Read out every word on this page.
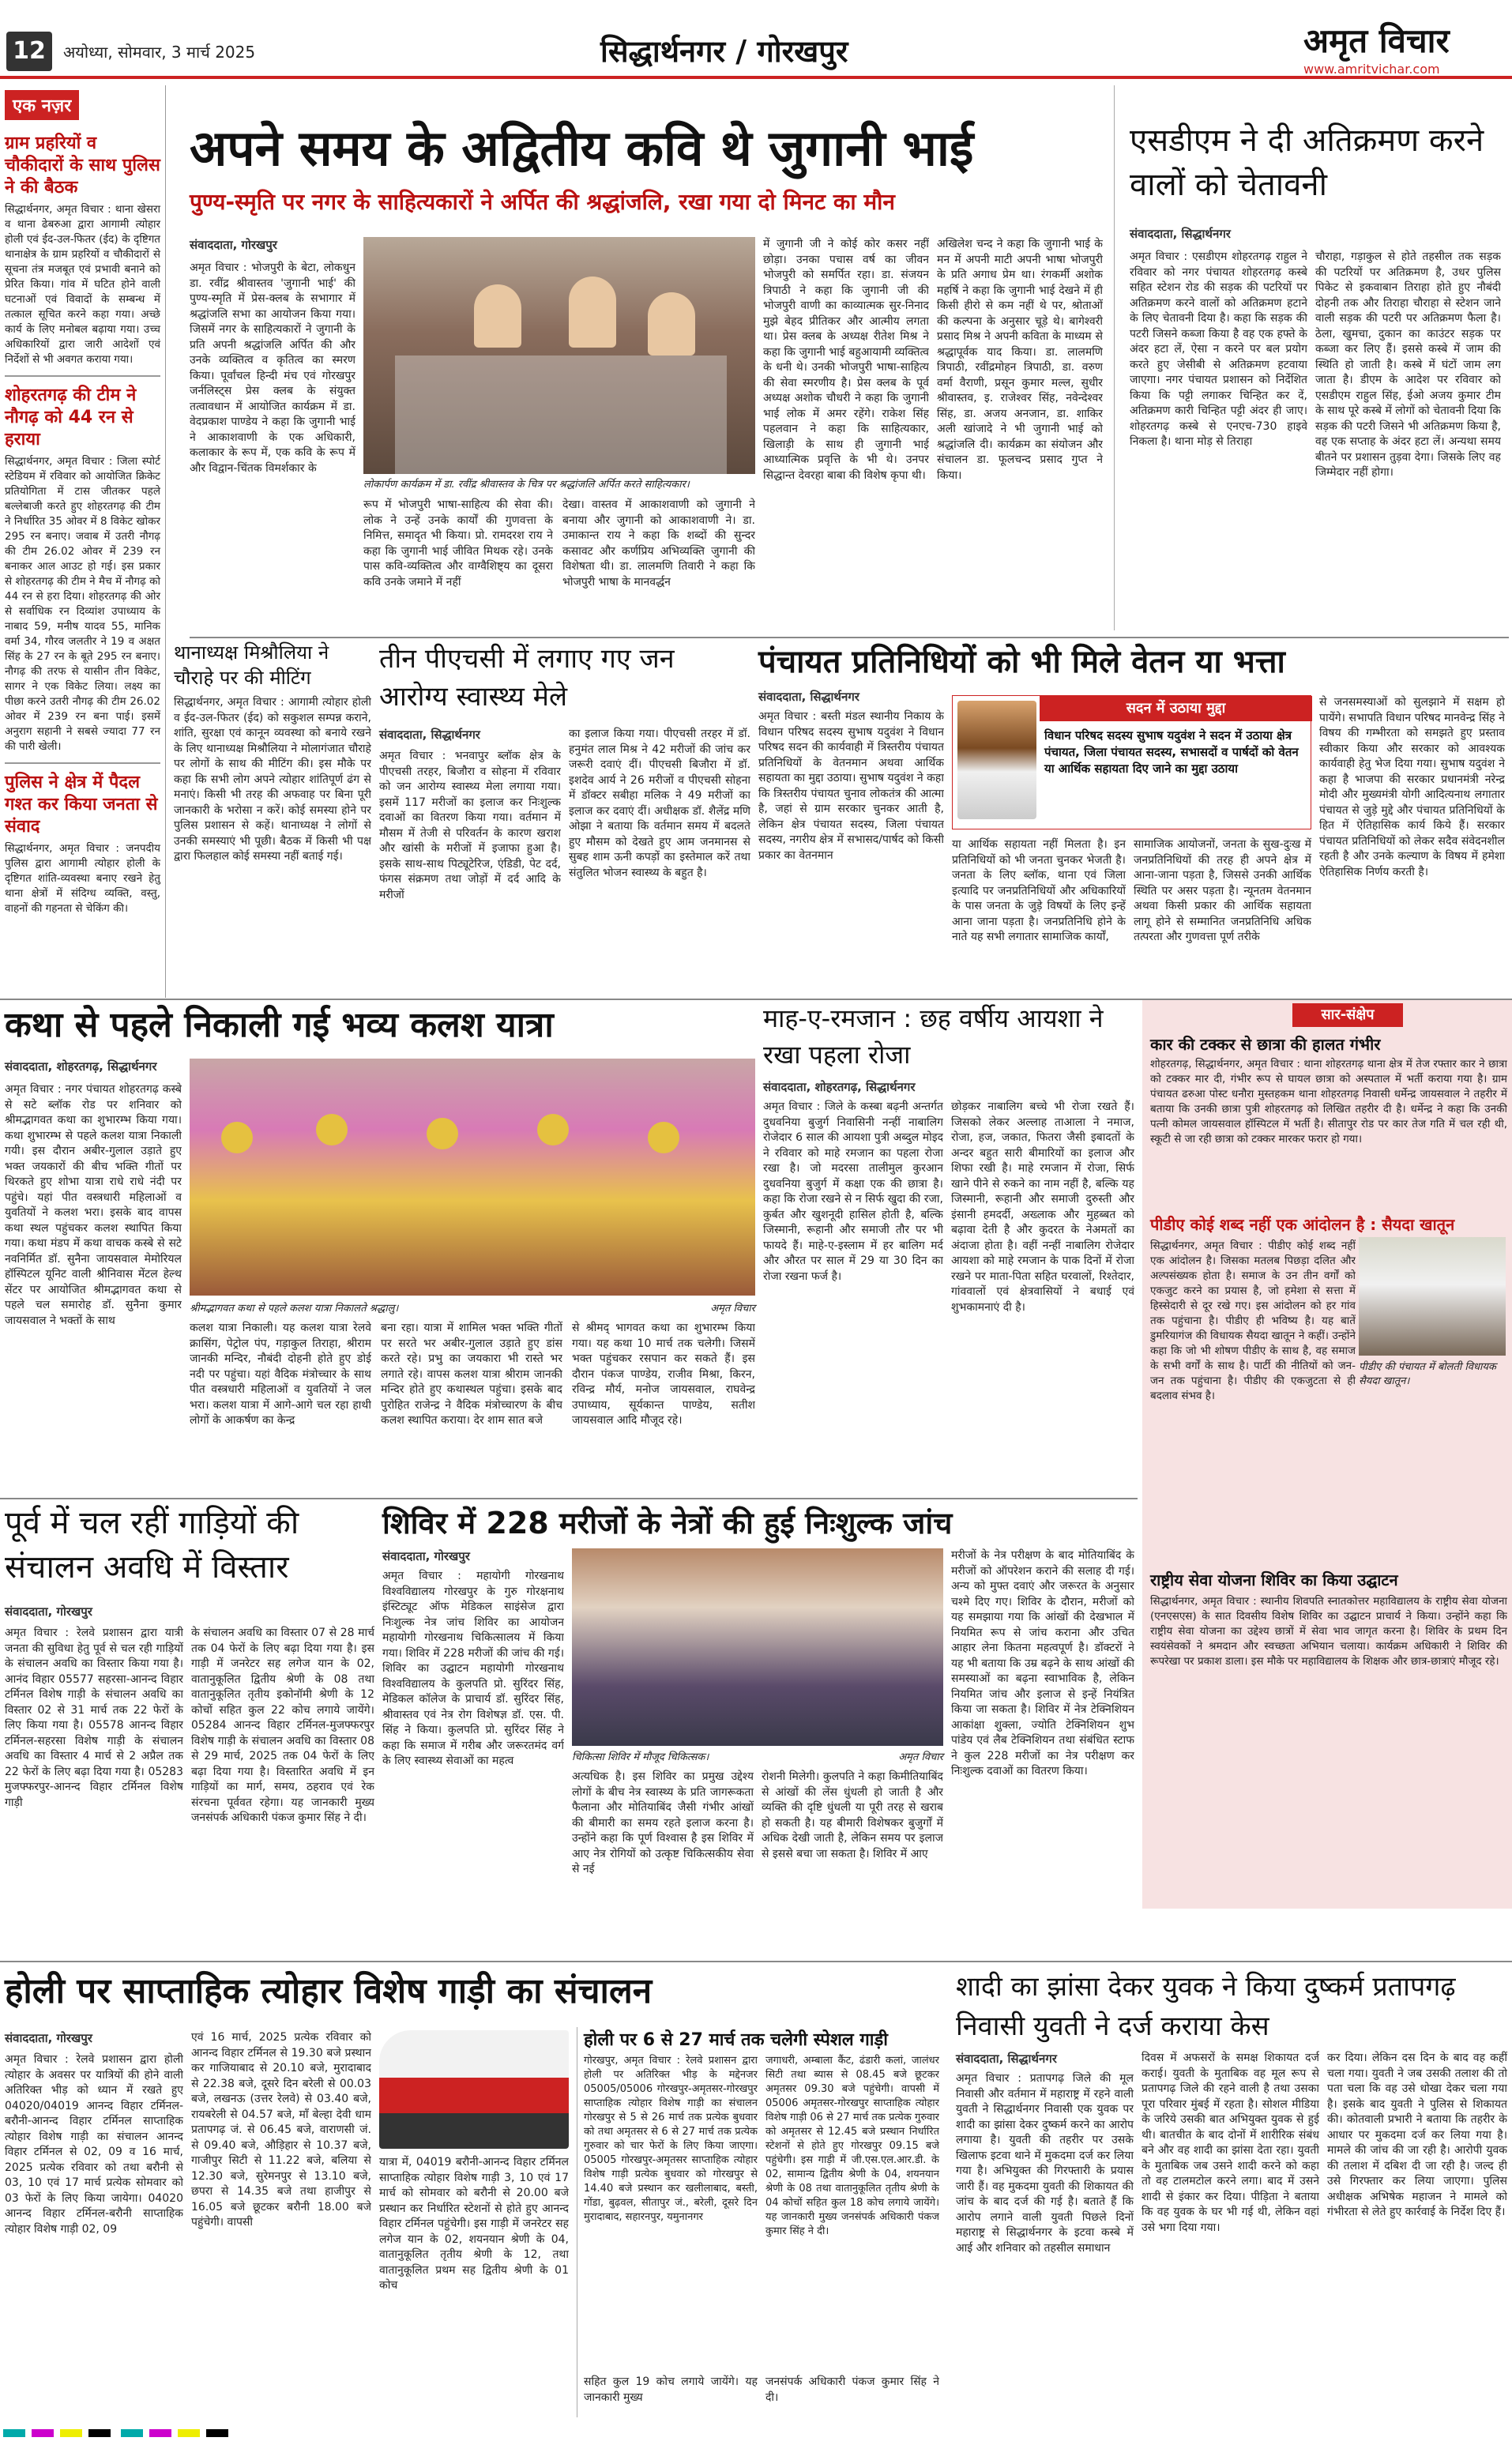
12	अयोध्या, सोमवार, 3 मार्च 2025	सिद्धार्थनगर / गोरखपुर	अमृत विचार
www.amritvichar.com
एक नज़र
ग्राम प्रहरियों व चौकीदारों के साथ पुलिस ने की बैठक
सिद्धार्थनगर, अमृत विचार : थाना खेसरा व थाना ढेबरुआ द्वारा आगामी त्योहार होली एवं ईद-उल-फितर (ईद) के दृष्टिगत थानाक्षेत्र के ग्राम प्रहरियों व चौकीदारों से सूचना तंत्र मजबूत एवं प्रभावी बनाने को प्रेरित किया। गांव में घटित होने वाली घटनाओं एवं विवादों के सम्बन्ध में तत्काल सूचित करने कहा गया। अच्छे कार्य के लिए मनोबल बढ़ाया गया। उच्च अधिकारियों द्वारा जारी आदेशों एवं निर्देशों से भी अवगत कराया गया।
शोहरतगढ़ की टीम ने नौगढ़ को 44 रन से हराया
सिद्धार्थनगर, अमृत विचार : जिला स्पोर्ट स्टेडियम में रविवार को आयोजित क्रिकेट प्रतियोगिता में टास जीतकर पहले बल्लेबाजी करते हुए शोहरतगढ़ की टीम ने निर्धारित 35 ओवर में 8 विकेट खोकर 295 रन बनाए। जवाब में उतरी नौगढ़ की टीम 26.02 ओवर में 239 रन बनाकर आल आउट हो गई। इस प्रकार से शोहरतगढ़ की टीम ने मैच में नौगढ़ को 44 रन से हरा दिया। शोहरतगढ़ की ओर से सर्वाधिक रन दिव्यांश उपाध्याय के नाबाद 59, मनीष यादव 55, मानिक वर्मा 34, गौरव जलतीर ने 19 व अक्षत सिंह के 27 रन के बूते 295 रन बनाए। नौगढ़ की तरफ से यासीन तीन विकेट, सागर ने एक विकेट लिया। लक्ष्य का पीछा करने उतरी नौगढ़ की टीम 26.02 ओवर में 239 रन बना पाई। इसमें अनुराग सहानी ने सबसे ज्यादा 77 रन की पारी खेली।
पुलिस ने क्षेत्र में पैदल गश्त कर किया जनता से संवाद
सिद्धार्थनगर, अमृत विचार : जनपदीय पुलिस द्वारा आगामी त्योहार होली के दृष्टिगत शांति-व्यवस्था बनाए रखने हेतु थाना क्षेत्रों में संदिग्ध व्यक्ति, वस्तु, वाहनों की गहनता से चेकिंग की।
अपने समय के अद्वितीय कवि थे जुगानी भाई
पुण्य-स्मृति पर नगर के साहित्यकारों ने अर्पित की श्रद्धांजलि, रखा गया दो मिनट का मौन
संवाददाता, गोरखपुर
अमृत विचार : भोजपुरी के बेटा, लोकधुन डा. रवींद्र श्रीवास्तव 'जुगानी भाई' की पुण्य-स्मृति में प्रेस-क्लब के सभागार में श्रद्धांजलि सभा का आयोजन किया गया। जिसमें नगर के साहित्यकारों ने जुगानी के प्रति अपनी श्रद्धांजलि अर्पित की और उनके व्यक्तित्व व कृतित्व का स्मरण किया। पूर्वांचल हिन्दी मंच एवं गोरखपुर जर्नलिस्ट्स प्रेस क्लब के संयुक्त तत्वावधान में आयोजित कार्यक्रम में डा. वेदप्रकाश पाण्डेय ने कहा कि जुगानी भाई ने आकाशवाणी के एक अधिकारी, कलाकार के रूप में, एक कवि के रूप में और विद्वान-चिंतक विमर्शकार के
लोकार्पण कार्यक्रम में डा. रवींद्र श्रीवास्तव के चित्र पर श्रद्धांजलि अर्पित करते साहित्यकार।
रूप में भोजपुरी भाषा-साहित्य की सेवा की। लोक ने उन्हें उनके कार्यों की गुणवत्ता के निमित्त, समादृत भी किया। प्रो. रामदरश राय ने कहा कि जुगानी भाई जीवित मिथक रहे। उनके पास कवि-व्यक्तित्व और वाग्वैशिष्ट्य का दूसरा कवि उनके जमाने में नहीं
देखा। वास्तव में आकाशवाणी को जुगानी ने बनाया और जुगानी को आकाशवाणी ने। डा. उमाकान्त राय ने कहा कि शब्दों की सुन्दर कसावट और कर्णप्रिय अभिव्यक्ति जुगानी की विशेषता थी। डा. लालमणि तिवारी ने कहा कि भोजपुरी भाषा के मानवर्द्धन
में जुगानी जी ने कोई कोर कसर नहीं छोड़ा। उनका पचास वर्ष का जीवन भोजपुरी को समर्पित रहा। डा. संजयन त्रिपाठी ने कहा कि जुगानी जी की भोजपुरी वाणी का काव्यात्मक सुर-निनाद मुझे बेहद प्रीतिकर और आत्मीय लगता था। प्रेस क्लब के अध्यक्ष रीतेश मिश्र ने कहा कि जुगानी भाई बहुआयामी व्यक्तित्व के धनी थे। उनकी भोजपुरी भाषा-साहित्य की सेवा स्मरणीय है। प्रेस क्लब के पूर्व अध्यक्ष अशोक चौधरी ने कहा कि जुगानी भाई लोक में अमर रहेंगे। राकेश सिंह पहलवान ने कहा कि साहित्यकार, खिलाड़ी के साथ ही जुगानी भाई आध्यात्मिक प्रवृत्ति के भी थे। उनपर सिद्धान्त देवरहा बाबा की विशेष कृपा थी।
अखिलेश चन्द ने कहा कि जुगानी भाई के मन में अपनी माटी अपनी भाषा भोजपुरी के प्रति अगाध प्रेम था। रंगकर्मी अशोक महर्षि ने कहा कि जुगानी भाई देखने में ही किसी हीरो से कम नहीं थे पर, श्रोताओं की कल्पना के अनुसार चूड़े थे। बागेश्वरी प्रसाद मिश्र ने अपनी कविता के माध्यम से श्रद्धापूर्वक याद किया। डा. लालमणि त्रिपाठी, रवींद्रमोहन त्रिपाठी, डा. वरुण वर्मा वैराणी, प्रसून कुमार मल्ल, सुधीर श्रीवास्तव, इ. राजेश्वर सिंह, नवेन्देश्वर सिंह, डा. अजय अनजान, डा. शाकिर अली खांजादे ने भी जुगानी भाई को श्रद्धांजलि दी। कार्यक्रम का संयोजन और संचालन डा. फूलचन्द प्रसाद गुप्त ने किया।
एसडीएम ने दी अतिक्रमण करने वालों को चेतावनी
संवाददाता, सिद्धार्थनगर
अमृत विचार : एसडीएम शोहरतगढ़ राहुल ने रविवार को नगर पंचायत शोहरतगढ़ कस्बे सहित स्टेशन रोड की सड़क की पटरियों पर अतिक्रमण करने वालों को अतिक्रमण हटाने के लिए चेतावनी दिया है। कहा कि सड़क की पटरी जिसने कब्जा किया है वह एक हफ्ते के अंदर हटा लें, ऐसा न करने पर बल प्रयोग करते हुए जेसीबी से अतिक्रमण हटवाया जाएगा। नगर पंचायत प्रशासन को निर्देशित किया कि पट्टी लगाकर चिन्हित कर दें, अतिक्रमण कारी चिन्हित पट्टी अंदर ही जाए। शोहरतगढ़ कस्बे से एनएच-730 हाइवे निकला है। थाना मोड़ से तिराहा
चौराहा, गड़ाकुल से होते तहसील तक सड़क की पटरियों पर अतिक्रमण है, उधर पुलिस पिकेट से इकवाबान तिराहा होते हुए नौबंदी दोहनी तक और तिराहा चौराहा से स्टेशन जाने वाली सड़क की पटरी पर अतिक्रमण फैला है। ठेला, खुमचा, दुकान का काउंटर सड़क पर कब्जा कर लिए हैं। इससे कस्बे में जाम की स्थिति हो जाती है। कस्बे में घंटों जाम लग जाता है। डीएम के आदेश पर रविवार को एसडीएम राहुल सिंह, ईओ अजय कुमार टीम के साथ पूरे कस्बे में लोगों को चेतावनी दिया कि सड़क की पटरी जिसने भी अतिक्रमण किया है, वह एक सप्ताह के अंदर हटा लें। अन्यथा समय बीतने पर प्रशासन तुड़वा देगा। जिसके लिए वह जिम्मेदार नहीं होगा।
थानाध्यक्ष मिश्रौलिया ने चौराहे पर की मीटिंग
सिद्धार्थनगर, अमृत विचार : आगामी त्योहार होली व ईद-उल-फितर (ईद) को सकुशल सम्पन्न कराने, शांति, सुरक्षा एवं कानून व्यवस्था को बनाये रखने के लिए थानाध्यक्ष मिश्रौलिया ने मोलागंजात चौराहे पर लोगों के साथ की मीटिंग की। इस मौके पर कहा कि सभी लोग अपने त्योहार शांतिपूर्ण ढंग से मनाएं। किसी भी तरह की अफवाह पर बिना पूरी जानकारी के भरोसा न करें। कोई समस्या होने पर पुलिस प्रशासन से कहें। थानाध्यक्ष ने लोगों से उनकी समस्याएं भी पूछी। बैठक में किसी भी पक्ष द्वारा फिलहाल कोई समस्या नहीं बताई गई।
तीन पीएचसी में लगाए गए जन आरोग्य स्वास्थ्य मेले
संवाददाता, सिद्धार्थनगर
अमृत विचार : भनवापुर ब्लॉक क्षेत्र के पीएचसी तरहर, बिजौरा व सोहना में रविवार को जन आरोग्य स्वास्थ्य मेला लगाया गया। इसमें 117 मरीजों का इलाज कर निःशुल्क दवाओं का वितरण किया गया। वर्तमान में मौसम में तेजी से परिवर्तन के कारण खराश और खांसी के मरीजों में इजाफा हुआ है। इसके साथ-साथ पिट्यूटेरिज, एंडिडी, पेट दर्द, फंगस संक्रमण तथा जोड़ों में दर्द आदि के मरीजों
का इलाज किया गया। पीएचसी तरहर में डॉ. हनुमंत लाल मिश्र ने 42 मरीजों की जांच कर जरूरी दवाएं दीं। पीएचसी बिजौरा में डॉ. इशदेव आर्य ने 26 मरीजों व पीएचसी सोहना में डॉक्टर सबीहा मलिक ने 49 मरीजों का इलाज कर दवाएं दीं। अधीक्षक डॉ. शैलेंद्र मणि ओझा ने बताया कि वर्तमान समय में बदलते हुए मौसम को देखते हुए आम जनमानस से सुबह शाम ऊनी कपड़ों का इस्तेमाल करें तथा संतुलित भोजन स्वास्थ्य के बहुत है।
पंचायत प्रतिनिधियों को भी मिले वेतन या भत्ता
संवाददाता, सिद्धार्थनगर
अमृत विचार : बस्ती मंडल स्थानीय निकाय के विधान परिषद सदस्य सुभाष यदुवंश ने विधान परिषद सदन की कार्यवाही में त्रिस्तरीय पंचायत प्रतिनिधियों के वेतनमान अथवा आर्थिक सहायता का मुद्दा उठाया। सुभाष यदुवंश ने कहा कि त्रिस्तरीय पंचायत चुनाव लोकतंत्र की आत्मा है, जहां से ग्राम सरकार चुनकर आती है, लेकिन क्षेत्र पंचायत सदस्य, जिला पंचायत सदस्य, नगरीय क्षेत्र में सभासद/पार्षद को किसी प्रकार का वेतनमान
सदन में उठाया मुद्दा
विधान परिषद सदस्य सुभाष यदुवंश ने सदन में उठाया क्षेत्र पंचायत, जिला पंचायत सदस्य, सभासदों व पार्षदों को वेतन या आर्थिक सहायता दिए जाने का मुद्दा उठाया
या आर्थिक सहायता नहीं मिलता है। इन प्रतिनिधियों को भी जनता चुनकर भेजती है। जनता के लिए ब्लॉक, थाना एवं जिला इत्यादि पर जनप्रतिनिधियों और अधिकारियों के पास जनता के जुड़े विषयों के लिए इन्हें आना जाना पड़ता है। जनप्रतिनिधि होने के नाते यह सभी लगातार सामाजिक कार्यों,
सामाजिक आयोजनों, जनता के सुख-दुःख में जनप्रतिनिधियों की तरह ही अपने क्षेत्र में आना-जाना पड़ता है, जिससे उनकी आर्थिक स्थिति पर असर पड़ता है। न्यूनतम वेतनमान अथवा किसी प्रकार की आर्थिक सहायता लागू होने से सम्मानित जनप्रतिनिधि अधिक तत्परता और गुणवत्ता पूर्ण तरीके
से जनसमस्याओं को सुलझाने में सक्षम हो पायेंगे। सभापति विधान परिषद मानवेन्द्र सिंह ने विषय की गम्भीरता को समझते हुए प्रस्ताव स्वीकार किया और सरकार को आवश्यक कार्यवाही हेतु भेज दिया गया। सुभाष यदुवंश ने कहा है भाजपा की सरकार प्रधानमंत्री नरेन्द्र मोदी और मुख्यमंत्री योगी आदित्यनाथ लगातार पंचायत से जुड़े मुद्दे और पंचायत प्रतिनिधियों के हित में ऐतिहासिक कार्य किये हैं। सरकार पंचायत प्रतिनिधियों को लेकर सदैव संवेदनशील रहती है और उनके कल्याण के विषय में हमेशा ऐतिहासिक निर्णय करती है।
कथा से पहले निकाली गई भव्य कलश यात्रा
संवाददाता, शोहरतगढ़, सिद्धार्थनगर
अमृत विचार : नगर पंचायत शोहरतगढ़ कस्बे से सटे ब्लॉक रोड पर शनिवार को श्रीमद्भागवत कथा का शुभारम्भ किया गया। कथा शुभारम्भ से पहले कलश यात्रा निकाली गयी। इस दौरान अबीर-गुलाल उड़ाते हुए भक्त जयकारों की बीच भक्ति गीतों पर थिरकते हुए शोभा यात्रा राधे राधे नंदी पर पहुंचे। यहां पीत वस्त्रधारी महिलाओं व युवतियों ने कलश भरा। इसके बाद वापस कथा स्थल पहुंचकर कलश स्थापित किया गया। कथा मंडप में कथा वाचक कस्बे से सटे नवनिर्मित डॉ. सुनैना जायसवाल मेमोरियल हॉस्पिटल यूनिट वाली श्रीनिवास मेंटल हेल्थ सेंटर पर आयोजित श्रीमद्भागवत कथा से पहले चल समारोह डॉ. सुनैना कुमार जायसवाल ने भक्तों के साथ
श्रीमद्भागवत कथा से पहले कलश यात्रा निकालते श्रद्धालु।	अमृत विचार
कलश यात्रा निकाली। यह कलश यात्रा रेलवे क्रासिंग, पेट्रोल पंप, गड़ाकुल तिराहा, श्रीराम जानकी मन्दिर, नौबंदी दोहनी होते हुए डोई नदी पर पहुंचा। यहां वैदिक मंत्रोच्चार के साथ पीत वस्त्रधारी महिलाओं व युवतियों ने जल भरा। कलश यात्रा में आगे-आगे चल रहा हाथी लोगों के आकर्षण का केन्द्र
बना रहा। यात्रा में शामिल भक्त भक्ति गीतों पर सरते भर अबीर-गुलाल उड़ाते हुए डांस करते रहे। प्रभु का जयकारा भी रास्ते भर लगाते रहे। वापस कलश यात्रा श्रीराम जानकी मन्दिर होते हुए कथास्थल पहुंचा। इसके बाद पुरोहित राजेन्द्र ने वैदिक मंत्रोच्चारण के बीच कलश स्थापित कराया। देर शाम सात बजे
से श्रीमद् भागवत कथा का शुभारम्भ किया गया। यह कथा 10 मार्च तक चलेगी। जिसमें भक्त पहुंचकर रसपान कर सकते हैं। इस दौरान पंकज पाण्डेय, राजीव मिश्रा, किरन, रविन्द्र मौर्य, मनोज जायसवाल, राघवेन्द्र उपाध्याय, सूर्यकान्त पाण्डेय, सतीश जायसवाल आदि मौजूद रहे।
माह-ए-रमजान : छह वर्षीय आयशा ने रखा पहला रोजा
संवाददाता, शोहरतगढ़, सिद्धार्थनगर
अमृत विचार : जिले के कस्बा बढ़नी अन्तर्गत दुधवनिया बुजुर्ग निवासिनी नन्हीं नाबालिग रोजेदार 6 साल की आयशा पुत्री अब्दुल मोइद ने रविवार को माहे रमजान का पहला रोजा रखा है। जो मदरसा तालीमुल कुरआन दुधवनिया बुजुर्ग में कक्षा एक की छात्रा है। कहा कि रोजा रखने से न सिर्फ खुदा की रजा, कुर्बत और खुशनूदी हासिल होती है, बल्कि जिस्मानी, रूहानी और समाजी तौर पर भी फायदे हैं। माहे-ए-इस्लाम में हर बालिग मर्द और औरत पर साल में 29 या 30 दिन का रोजा रखना फर्ज है।
छोड़कर नाबालिग बच्चे भी रोजा रखते हैं। जिसको लेकर अल्लाह ताआला ने नमाज, रोजा, हज, जकात, फितरा जैसी इबादतों के अन्दर बहुत सारी बीमारियों का इलाज और शिफा रखी है। माहे रमजान में रोजा, सिर्फ खाने पीने से रुकने का नाम नहीं है, बल्कि यह जिस्मानी, रूहानी और समाजी दुरुस्ती और इंसानी हमदर्दी, अख्लाक और मुहब्बत को बढ़ावा देती है और कुदरत के नेअमतों का अंदाजा होता है। वहीं नन्हीं नाबालिग रोजेदार आयशा को माहे रमजान के पाक दिनों में रोजा रखने पर माता-पिता सहित घरवालों, रिश्तेदार, गांववालों एवं क्षेत्रवासियों ने बधाई एवं शुभकामनाएं दी है।
सार-संक्षेप
कार की टक्कर से छात्रा की हालत गंभीर
शोहरतगढ़, सिद्धार्थनगर, अमृत विचार : थाना शोहरतगढ़ थाना क्षेत्र में तेज रफ्तार कार ने छात्रा को टक्कर मार दी, गंभीर रूप से घायल छात्रा को अस्पताल में भर्ती कराया गया है। ग्राम पंचायत ढरुआ पोस्ट धनौरा मुस्तहकम थाना शोहरतगढ़ निवासी धर्मेन्द्र जायसवाल ने तहरीर में बताया कि उनकी छात्रा पुत्री शोहरतगढ़ को लिखित तहरीर दी है। धर्मेन्द्र ने कहा कि उनकी पत्नी कोमल जायसवाल हॉस्पिटल में भर्ती है। सीतापुर रोड पर कार तेज गति में चल रही थी, स्कूटी से जा रही छात्रा को टक्कर मारकर फरार हो गया।
पीडीए कोई शब्द नहीं एक आंदोलन है : सैयदा खातून
सिद्धार्थनगर, अमृत विचार : पीडीए कोई शब्द नहीं एक आंदोलन है। जिसका मतलब पिछड़ा दलित और अल्पसंख्यक होता है। समाज के उन तीन वर्गों को एकजुट करने का प्रयास है, जो हमेशा से सत्ता में हिस्सेदारी से दूर रखे गए। इस आंदोलन को हर गांव तक पहुंचाना है। पीडीए ही भविष्य है। यह बातें डुमरियागंज की विधायक सैयदा खातून ने कहीं। उन्होंने कहा कि जो भी शोषण पीडीए के साथ है, वह समाज के सभी वर्गों के साथ है। पार्टी की नीतियों को जन-जन तक पहुंचाना है। पीडीए की एकजुटता से ही बदलाव संभव है।
पीडीए की पंचायत में बोलती विधायक सैयदा खातून।
राष्ट्रीय सेवा योजना शिविर का किया उद्घाटन
सिद्धार्थनगर, अमृत विचार : स्थानीय शिवपति स्नातकोत्तर महाविद्यालय के राष्ट्रीय सेवा योजना (एनएसएस) के सात दिवसीय विशेष शिविर का उद्घाटन प्राचार्य ने किया। उन्होंने कहा कि राष्ट्रीय सेवा योजना का उद्देश्य छात्रों में सेवा भाव जागृत करना है। शिविर के प्रथम दिन स्वयंसेवकों ने श्रमदान और स्वच्छता अभियान चलाया। कार्यक्रम अधिकारी ने शिविर की रूपरेखा पर प्रकाश डाला। इस मौके पर महाविद्यालय के शिक्षक और छात्र-छात्राएं मौजूद रहे।
पूर्व में चल रहीं गाड़ियों की संचालन अवधि में विस्तार
संवाददाता, गोरखपुर
अमृत विचार : रेलवे प्रशासन द्वारा यात्री जनता की सुविधा हेतु पूर्व से चल रही गाड़ियों के संचालन अवधि का विस्तार किया गया है। आनंद विहार 05577 सहरसा-आनन्द विहार टर्मिनल विशेष गाड़ी के संचालन अवधि का विस्तार 02 से 31 मार्च तक 22 फेरों के लिए किया गया है। 05578 आनन्द विहार टर्मिनल-सहरसा विशेष गाड़ी के संचालन अवधि का विस्तार 4 मार्च से 2 अप्रैल तक 22 फेरों के लिए बढ़ा दिया गया है। 05283 मुजफ्फरपुर-आनन्द विहार टर्मिनल विशेष गाड़ी
के संचालन अवधि का विस्तार 07 से 28 मार्च तक 04 फेरों के लिए बढ़ा दिया गया है। इस गाड़ी में जनरेटर सह लगेज यान के 02, वातानुकूलित द्वितीय श्रेणी के 08 तथा वातानुकूलित तृतीय इकोनॉमी श्रेणी के 12 कोचों सहित कुल 22 कोच लगाये जायेंगे। 05284 आनन्द विहार टर्मिनल-मुजफ्फरपुर विशेष गाड़ी के संचालन अवधि का विस्तार 08 से 29 मार्च, 2025 तक 04 फेरों के लिए बढ़ा दिया गया है। विस्तारित अवधि में इन गाड़ियों का मार्ग, समय, ठहराव एवं रेक संरचना पूर्ववत रहेगा। यह जानकारी मुख्य जनसंपर्क अधिकारी पंकज कुमार सिंह ने दी।
शिविर में 228 मरीजों के नेत्रों की हुई निःशुल्क जांच
संवाददाता, गोरखपुर
अमृत विचार : महायोगी गोरखनाथ विश्वविद्यालय गोरखपुर के गुरु गोरक्षनाथ इंस्टिट्यूट ऑफ मेडिकल साइंसेज द्वारा निःशुल्क नेत्र जांच शिविर का आयोजन महायोगी गोरखनाथ चिकित्सालय में किया गया। शिविर में 228 मरीजों की जांच की गई। शिविर का उद्घाटन महायोगी गोरखनाथ विश्वविद्यालय के कुलपति प्रो. सुरिंदर सिंह, मेडिकल कॉलेज के प्राचार्य डॉ. सुरिंदर सिंह, श्रीवास्तव एवं नेत्र रोग विशेषज्ञ डॉ. एस. पी. सिंह ने किया। कुलपति प्रो. सुरिंदर सिंह ने कहा कि समाज में गरीब और जरूरतमंद वर्ग के लिए स्वास्थ्य सेवाओं का महत्व	चिकित्सा शिविर में मौजूद चिकित्सक।	अमृत विचार
अत्यधिक है। इस शिविर का प्रमुख उद्देश्य लोगों के बीच नेत्र स्वास्थ्य के प्रति जागरूकता फैलाना और मोतियाबिंद जैसी गंभीर आंखों की बीमारी का समय रहते इलाज करना है। उन्होंने कहा कि पूर्ण विश्वास है इस शिविर में आए नेत्र रोगियों को उत्कृष्ट चिकित्सकीय सेवा से नई
रोशनी मिलेगी। कुलपति ने कहा किमीतियाबिंद से आंखों की लेंस धुंधली हो जाती है और व्यक्ति की दृष्टि धुंधली या पूरी तरह से खराब हो सकती है। यह बीमारी विशेषकर बुजुर्गों में अधिक देखी जाती है, लेकिन समय पर इलाज से इससे बचा जा सकता है। शिविर में आए
मरीजों के नेत्र परीक्षण के बाद मोतियाबिंद के मरीजों को ऑपरेशन कराने की सलाह दी गई। अन्य को मुफ्त दवाएं और जरूरत के अनुसार चश्मे दिए गए। शिविर के दौरान, मरीजों को यह समझाया गया कि आंखों की देखभाल में नियमित रूप से जांच कराना और उचित आहार लेना कितना महत्वपूर्ण है। डॉक्टरों ने यह भी बताया कि उम्र बढ़ने के साथ आंखों की समस्याओं का बढ़ना स्वाभाविक है, लेकिन नियमित जांच और इलाज से इन्हें नियंत्रित किया जा सकता है। शिविर में नेत्र टेक्निशियन आकांक्षा शुक्ला, ज्योति टेक्निशियन शुभ पांडेय एवं लैब टेक्निशियन तथा संबंधित स्टाफ ने कुल 228 मरीजों का नेत्र परीक्षण कर निःशुल्क दवाओं का वितरण किया।
होली पर साप्ताहिक त्योहार विशेष गाड़ी का संचालन
संवाददाता, गोरखपुर
अमृत विचार : रेलवे प्रशासन द्वारा होली त्योहार के अवसर पर यात्रियों की होने वाली अतिरिक्त भीड़ को ध्यान में रखते हुए 04020/04019 आनन्द विहार टर्मिनल-बरौनी-आनन्द विहार टर्मिनल साप्ताहिक त्योहार विशेष गाड़ी का संचालन आनन्द विहार टर्मिनल से 02, 09 व 16 मार्च, 2025 प्रत्येक रविवार को तथा बरौनी से 03, 10 एवं 17 मार्च प्रत्येक सोमवार को 03 फेरों के लिए किया जायेगा। 04020 आनन्द विहार टर्मिनल-बरौनी साप्ताहिक त्योहार विशेष गाड़ी 02, 09
एवं 16 मार्च, 2025 प्रत्येक रविवार को आनन्द विहार टर्मिनल से 19.30 बजे प्रस्थान कर गाजियाबाद से 20.10 बजे, मुरादाबाद से 22.38 बजे, दूसरे दिन बरेली से 00.03 बजे, लखनऊ (उत्तर रेलवे) से 03.40 बजे, रायबरेली से 04.57 बजे, माँ बेल्हा देवी धाम प्रतापगढ़ जं. से 06.45 बजे, वाराणसी जं. से 09.40 बजे, औड़िहार से 10.37 बजे, गाजीपुर सिटी से 11.22 बजे, बलिया से 12.30 बजे, सुरेमनपुर से 13.10 बजे, छपरा से 14.35 बजे तथा हाजीपुर से 16.05 बजे छूटकर बरौनी 18.00 बजे पहुंचेगी। वापसी
यात्रा में, 04019 बरौनी-आनन्द विहार टर्मिनल साप्ताहिक त्योहार विशेष गाड़ी 3, 10 एवं 17 मार्च को सोमवार को बरौनी से 20.00 बजे प्रस्थान कर निर्धारित स्टेशनों से होते हुए आनन्द विहार टर्मिनल पहुंचेगी। इस गाड़ी में जनरेटर सह लगेज यान के 02, शयनयान श्रेणी के 04, वातानुकूलित तृतीय श्रेणी के 12, तथा वातानुकूलित प्रथम सह द्वितीय श्रेणी के 01 कोच
होली पर 6 से 27 मार्च तक चलेगी स्पेशल गाड़ी
गोरखपुर, अमृत विचार : रेलवे प्रशासन द्वारा होली पर अतिरिक्त भीड़ के मद्देनजर 05005/05006 गोरखपुर-अमृतसर-गोरखपुर साप्ताहिक त्योहार विशेष गाड़ी का संचालन गोरखपुर से 5 से 26 मार्च तक प्रत्येक बुधवार को तथा अमृतसर से 6 से 27 मार्च तक प्रत्येक गुरुवार को चार फेरों के लिए किया जाएगा। 05005 गोरखपुर-अमृतसर साप्ताहिक त्योहार विशेष गाड़ी प्रत्येक बुधवार को गोरखपुर से 14.40 बजे प्रस्थान कर खलीलाबाद, बस्ती, गोंडा, बुढ़वल, सीतापुर जं., बरेली, दूसरे दिन मुरादाबाद, सहारनपुर, यमुनानगर
जगाधरी, अम्बाला कैंट, ढंडारी कलां, जालंधर सिटी तथा ब्यास से 08.45 बजे छूटकर अमृतसर 09.30 बजे पहुंचेगी। वापसी में 05006 अमृतसर-गोरखपुर साप्ताहिक त्योहार विशेष गाड़ी 06 से 27 मार्च तक प्रत्येक गुरुवार को अमृतसर से 12.45 बजे प्रस्थान निर्धारित स्टेशनों से होते हुए गोरखपुर 09.15 बजे पहुंचेगी। इस गाड़ी में जी.एस.एल.आर.डी. के 02, सामान्य द्वितीय श्रेणी के 04, शयनयान श्रेणी के 08 तथा वातानुकूलित तृतीय श्रेणी के 04 कोचों सहित कुल 18 कोच लगाये जायेंगे। यह जानकारी मुख्य जनसंपर्क अधिकारी पंकज कुमार सिंह ने दी।
सहित कुल 19 कोच लगाये जायेंगे। यह जानकारी मुख्य
जनसंपर्क अधिकारी पंकज कुमार सिंह ने दी।
शादी का झांसा देकर युवक ने किया दुष्कर्म प्रतापगढ़ निवासी युवती ने दर्ज कराया केस
संवाददाता, सिद्धार्थनगर
अमृत विचार : प्रतापगढ़ जिले की मूल निवासी और वर्तमान में महाराष्ट्र में रहने वाली युवती ने सिद्धार्थनगर निवासी एक युवक पर शादी का झांसा देकर दुष्कर्म करने का आरोप लगाया है। युवती की तहरीर पर उसके खिलाफ इटवा थाने में मुकदमा दर्ज कर लिया गया है। अभियुक्त की गिरफ्तारी के प्रयास जारी हैं। वह मुकदमा युवती की शिकायत की जांच के बाद दर्ज की गई है। बताते हैं कि आरोप लगाने वाली युवती पिछले दिनों महाराष्ट्र से सिद्धार्थनगर के इटवा कस्बे में आई और शनिवार को तहसील समाधान
दिवस में अफसरों के समक्ष शिकायत दर्ज कराई। युवती के मुताबिक वह मूल रूप से प्रतापगढ़ जिले की रहने वाली है तथा उसका पूरा परिवार मुंबई में रहता है। सोशल मीडिया के जरिये उसकी बात अभियुक्त युवक से हुई थी। बातचीत के बाद दोनों में शारीरिक संबंध बने और वह शादी का झांसा देता रहा। युवती के मुताबिक जब उसने शादी करने को कहा तो वह टालमटोल करने लगा। बाद में उसने शादी से इंकार कर दिया। पीड़िता ने बताया कि वह युवक के घर भी गई थी, लेकिन वहां उसे भगा दिया गया।
कर दिया। लेकिन दस दिन के बाद वह कहीं चला गया। युवती ने जब उसकी तलाश की तो पता चला कि वह उसे धोखा देकर चला गया है। इसके बाद युवती ने पुलिस से शिकायत की। कोतवाली प्रभारी ने बताया कि तहरीर के आधार पर मुकदमा दर्ज कर लिया गया है। मामले की जांच की जा रही है। आरोपी युवक की तलाश में दबिश दी जा रही है। जल्द ही उसे गिरफ्तार कर लिया जाएगा। पुलिस अधीक्षक अभिषेक महाजन ने मामले को गंभीरता से लेते हुए कार्रवाई के निर्देश दिए हैं।
